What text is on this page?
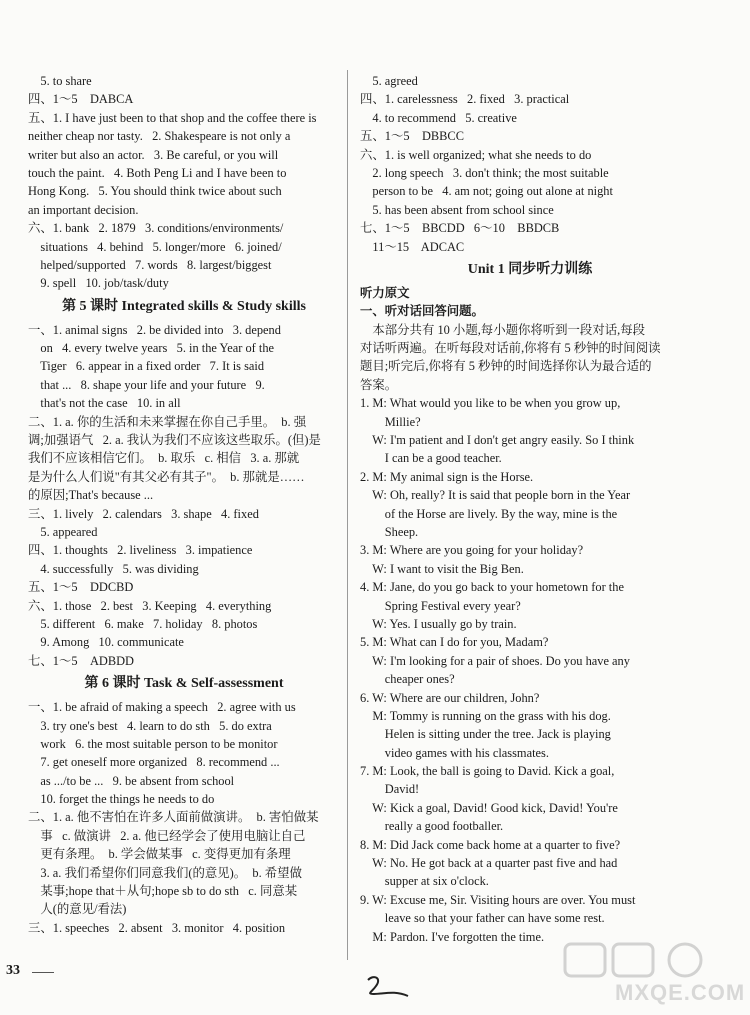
5. to share
四、1～5    DABCA
五、1. I have just been to that shop and the coffee there is
neither cheap nor tasty.   2. Shakespeare is not only a
writer but also an actor.   3. Be careful, or you will
touch the paint.   4. Both Peng Li and I have been to
Hong Kong.   5. You should think twice about such
an important decision.
六、1. bank   2. 1879   3. conditions/environments/
situations   4. behind   5. longer/more   6. joined/
helped/supported   7. words   8. largest/biggest
9. spell   10. job/task/duty
第 5 课时 Integrated skills & Study skills
一、1. animal signs   2. be divided into   3. depend
on   4. every twelve years   5. in the Year of the
Tiger   6. appear in a fixed order   7. It is said
that ...   8. shape your life and your future   9.
that's not the case   10. in all
二、1. a. 你的生活和未来掌握在你自己手里。  b. 强
调;加强语气   2. a. 我认为我们不应该这些取乐。(但)是
我们不应该相信它们。  b. 取乐   c. 相信   3. a. 那就
是为什么人们说"有其父必有其子"。  b. 那就是……
的原因;That's because ...
三、1. lively   2. calendars   3. shape   4. fixed
5. appeared
四、1. thoughts   2. liveliness   3. impatience
4. successfully   5. was dividing
五、1～5    DDCBD
六、1. those   2. best   3. Keeping   4. everything
5. different   6. make   7. holiday   8. photos
9. Among   10. communicate
七、1～5    ADBDD
第 6 课时 Task & Self-assessment
一、1. be afraid of making a speech   2. agree with us
3. try one's best   4. learn to do sth   5. do extra
work   6. the most suitable person to be monitor
7. get oneself more organized   8. recommend ...
as .../to be ...   9. be absent from school
10. forget the things he needs to do
二、1. a. 他不害怕在许多人面前做演讲。  b. 害怕做某
事   c. 做演讲   2. a. 他已经学会了使用电脑让自己
更有条理。  b. 学会做某事   c. 变得更加有条理
3. a. 我们希望你们同意我们(的意见)。  b. 希望做
某事;hope that＋从句;hope sb to do sth   c. 同意某
人(的意见/看法)
三、1. speeches   2. absent   3. monitor   4. position
5. agreed
四、1. carelessness   2. fixed   3. practical
4. to recommend   5. creative
五、1～5    DBBCC
六、1. is well organized; what she needs to do
2. long speech   3. don't think; the most suitable
person to be   4. am not; going out alone at night
5. has been absent from school since
七、1～5    BBCDD   6～10    BBDCB
11～15    ADCAC
Unit 1 同步听力训练
听力原文
一、听对话回答问题。
本部分共有 10 小题,每小题你将听到一段对话,每段
对话听两遍。在听每段对话前,你将有 5 秒钟的时间阅读
题目;听完后,你将有 5 秒钟的时间选择你认为最合适的
答案。
1. M: What would you like to be when you grow up,
Millie?
W: I'm patient and I don't get angry easily. So I think
I can be a good teacher.
2. M: My animal sign is the Horse.
W: Oh, really? It is said that people born in the Year
of the Horse are lively. By the way, mine is the
Sheep.
3. M: Where are you going for your holiday?
W: I want to visit the Big Ben.
4. M: Jane, do you go back to your hometown for the
Spring Festival every year?
W: Yes. I usually go by train.
5. M: What can I do for you, Madam?
W: I'm looking for a pair of shoes. Do you have any
cheaper ones?
6. W: Where are our children, John?
M: Tommy is running on the grass with his dog.
Helen is sitting under the tree. Jack is playing
video games with his classmates.
7. M: Look, the ball is going to David. Kick a goal,
David!
W: Kick a goal, David! Good kick, David! You're
really a good footballer.
8. M: Did Jack come back home at a quarter to five?
W: No. He got back at a quarter past five and had
supper at six o'clock.
9. W: Excuse me, Sir. Visiting hours are over. You must
leave so that your father can have some rest.
M: Pardon. I've forgotten the time.
33
MXQE.COM
